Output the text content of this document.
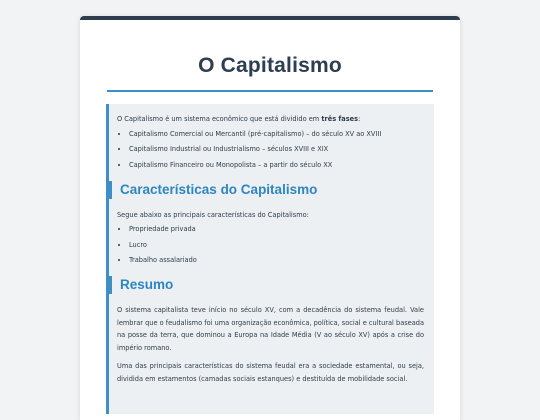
O Capitalismo

O Capitalismo é um sistema econômico que está dividido em três fases:

• Capitalismo Comercial ou Mercantil (pré-capitalismo) – do século XV ao XVIII
• Capitalismo Industrial ou Industrialismo – séculos XVIII e XIX
• Capitalismo Financeiro ou Monopolista – a partir do século XX
Características do Capitalismo

Segue abaixo as principais características do Capitalismo:

• Propriedade privada
• Lucro
• Trabalho assalariado
Resumo

O sistema capitalista teve início no século XV, com a decadência do sistema feudal. Vale lembrar que o feudalismo foi uma organização econômica, política, social e cultural baseada na posse da terra, que dominou a Europa na Idade Média (V ao século XV) após a crise do império romano.

Uma das principais características do sistema feudal era a sociedade estamental, ou seja, dividida em estamentos (camadas sociais estanques) e destituída de mobilidade social.
